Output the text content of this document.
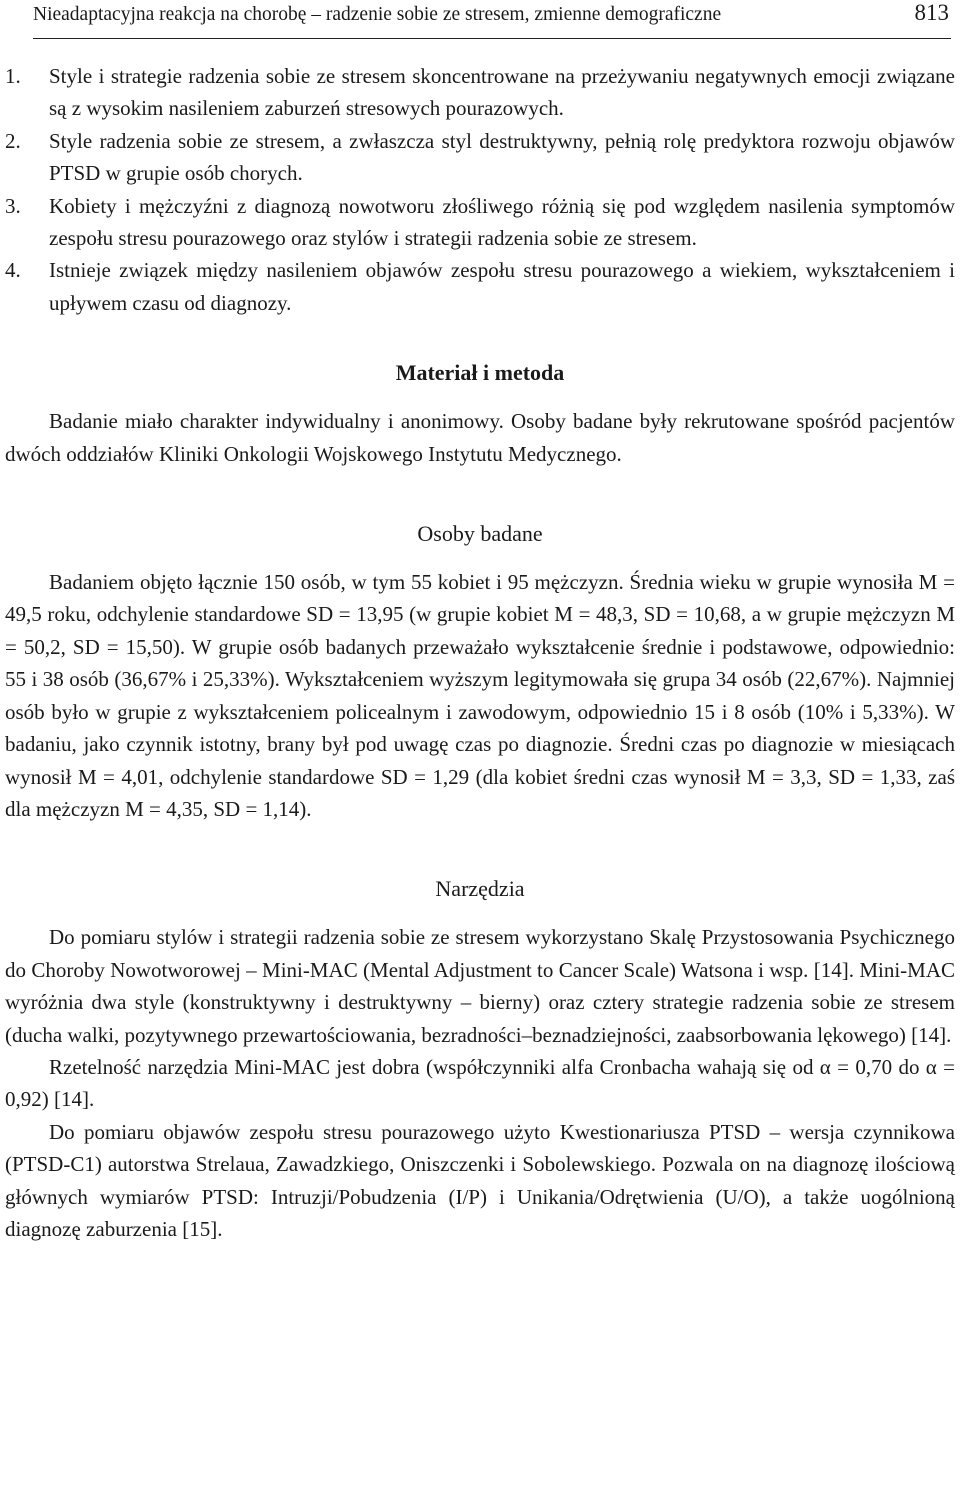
Nieadaptacyjna reakcja na chorobę – radzenie sobie ze stresem, zmienne demograficzne	813

1. Style i strategie radzenia sobie ze stresem skoncentrowane na przeżywaniu negatywnych emocji związane są z wysokim nasileniem zaburzeń stresowych pourazowych.

2. Style radzenia sobie ze stresem, a zwłaszcza styl destruktywny, pełnią rolę predyktora rozwoju objawów PTSD w grupie osób chorych.

3. Kobiety i mężczyźni z diagnozą nowotworu złośliwego różnią się pod względem nasilenia symptomów zespołu stresu pourazowego oraz stylów i strategii radzenia sobie ze stresem.

4. Istnieje związek między nasileniem objawów zespołu stresu pourazowego a wiekiem, wykształceniem i upływem czasu od diagnozy.

Materiał i metoda

Badanie miało charakter indywidualny i anonimowy. Osoby badane były rekrutowane spośród pacjentów dwóch oddziałów Kliniki Onkologii Wojskowego Instytutu Medycznego.

Osoby badane

Badaniem objęto łącznie 150 osób, w tym 55 kobiet i 95 mężczyzn. Średnia wieku w grupie wynosiła M = 49,5 roku, odchylenie standardowe SD = 13,95 (w grupie kobiet M = 48,3, SD = 10,68, a w grupie mężczyzn M = 50,2, SD = 15,50). W grupie osób badanych przeważało wykształcenie średnie i podstawowe, odpowiednio: 55 i 38 osób (36,67% i 25,33%). Wykształceniem wyższym legitymowała się grupa 34 osób (22,67%). Najmniej osób było w grupie z wykształceniem policealnym i zawodowym, odpowiednio 15 i 8 osób (10% i 5,33%). W badaniu, jako czynnik istotny, brany był pod uwagę czas po diagnozie. Średni czas po diagnozie w miesiącach wynosił M = 4,01, odchylenie standardowe SD = 1,29 (dla kobiet średni czas wynosił M = 3,3, SD = 1,33, zaś dla mężczyzn M = 4,35, SD = 1,14).

Narzędzia

Do pomiaru stylów i strategii radzenia sobie ze stresem wykorzystano Skalę Przystosowania Psychicznego do Choroby Nowotworowej – Mini-MAC (Mental Adjustment to Cancer Scale) Watsona i wsp. [14]. Mini-MAC wyróżnia dwa style (konstruktywny i destruktywny – bierny) oraz cztery strategie radzenia sobie ze stresem (ducha walki, pozytywnego przewartościowania, bezradności–beznadziejności, zaabsorbowania lękowego) [14].

Rzetelność narzędzia Mini-MAC jest dobra (współczynniki alfa Cronbacha wahają się od α = 0,70 do α = 0,92) [14].

Do pomiaru objawów zespołu stresu pourazowego użyto Kwestionariusza PTSD – wersja czynnikowa (PTSD-C1) autorstwa Strelaua, Zawadzkiego, Oniszczenki i Sobolewskiego. Pozwala on na diagnozę ilościową głównych wymiarów PTSD: Intruzji/Pobudzenia (I/P) i Unikania/Odrętwienia (U/O), a także uogólnioną diagnozę zaburzenia [15].
